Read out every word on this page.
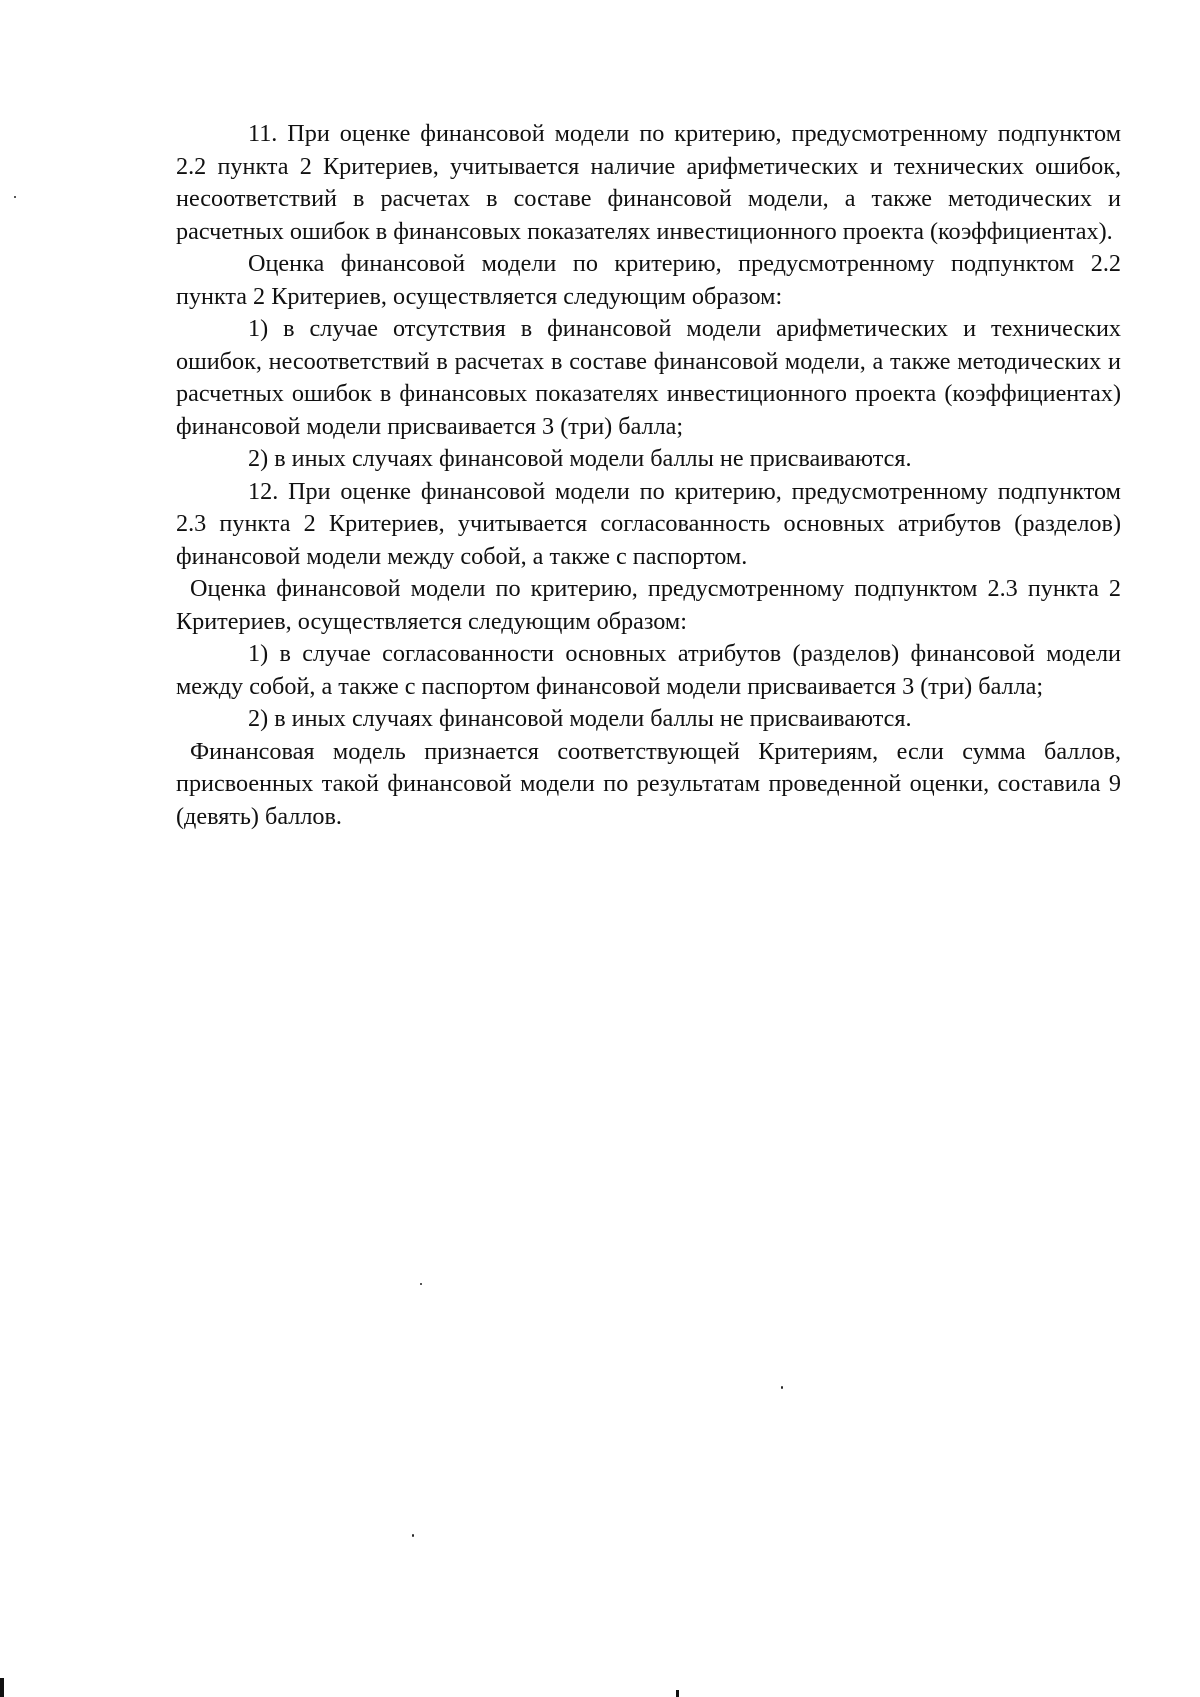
11. При оценке финансовой модели по критерию, предусмотренному подпунктом 2.2 пункта 2 Критериев, учитывается наличие арифметических и технических ошибок, несоответствий в расчетах в составе финансовой модели, а также методических и расчетных ошибок в финансовых показателях инвестиционного проекта (коэффициентах).

Оценка финансовой модели по критерию, предусмотренному подпунктом 2.2 пункта 2 Критериев, осуществляется следующим образом:

1) в случае отсутствия в финансовой модели арифметических и технических ошибок, несоответствий в расчетах в составе финансовой модели, а также методических и расчетных ошибок в финансовых показателях инвестиционного проекта (коэффициентах) финансовой модели присваивается 3 (три) балла;

2) в иных случаях финансовой модели баллы не присваиваются.

12. При оценке финансовой модели по критерию, предусмотренному подпунктом 2.3 пункта 2 Критериев, учитывается согласованность основных атрибутов (разделов) финансовой модели между собой, а также с паспортом.

Оценка финансовой модели по критерию, предусмотренному подпунктом 2.3 пункта 2 Критериев, осуществляется следующим образом:

1) в случае согласованности основных атрибутов (разделов) финансовой модели между собой, а также с паспортом финансовой модели присваивается 3 (три) балла;

2) в иных случаях финансовой модели баллы не присваиваются.

Финансовая модель признается соответствующей Критериям, если сумма баллов, присвоенных такой финансовой модели по результатам проведенной оценки, составила 9 (девять) баллов.
